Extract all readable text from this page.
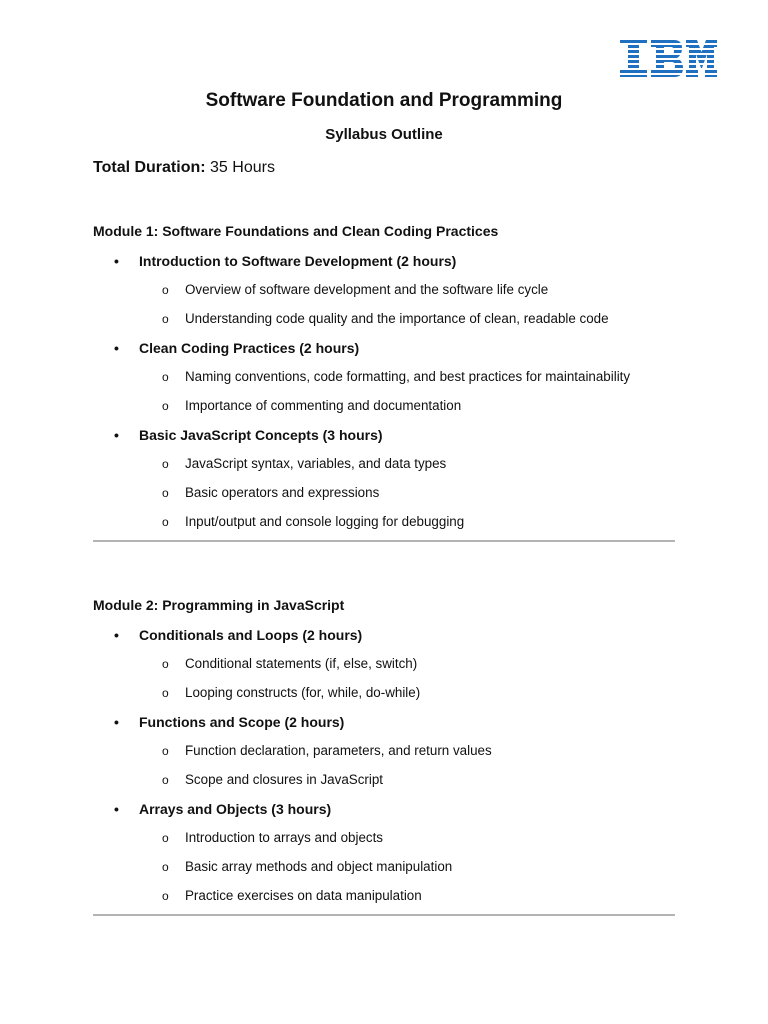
Software Foundation and Programming
Syllabus Outline
Total Duration: 35 Hours
Module 1: Software Foundations and Clean Coding Practices
• Introduction to Software Development (2 hours)
o Overview of software development and the software life cycle
o Understanding code quality and the importance of clean, readable code
• Clean Coding Practices (2 hours)
o Naming conventions, code formatting, and best practices for maintainability
o Importance of commenting and documentation
• Basic JavaScript Concepts (3 hours)
o JavaScript syntax, variables, and data types
o Basic operators and expressions
o Input/output and console logging for debugging
Module 2: Programming in JavaScript
• Conditionals and Loops (2 hours)
o Conditional statements (if, else, switch)
o Looping constructs (for, while, do-while)
• Functions and Scope (2 hours)
o Function declaration, parameters, and return values
o Scope and closures in JavaScript
• Arrays and Objects (3 hours)
o Introduction to arrays and objects
o Basic array methods and object manipulation
o Practice exercises on data manipulation
